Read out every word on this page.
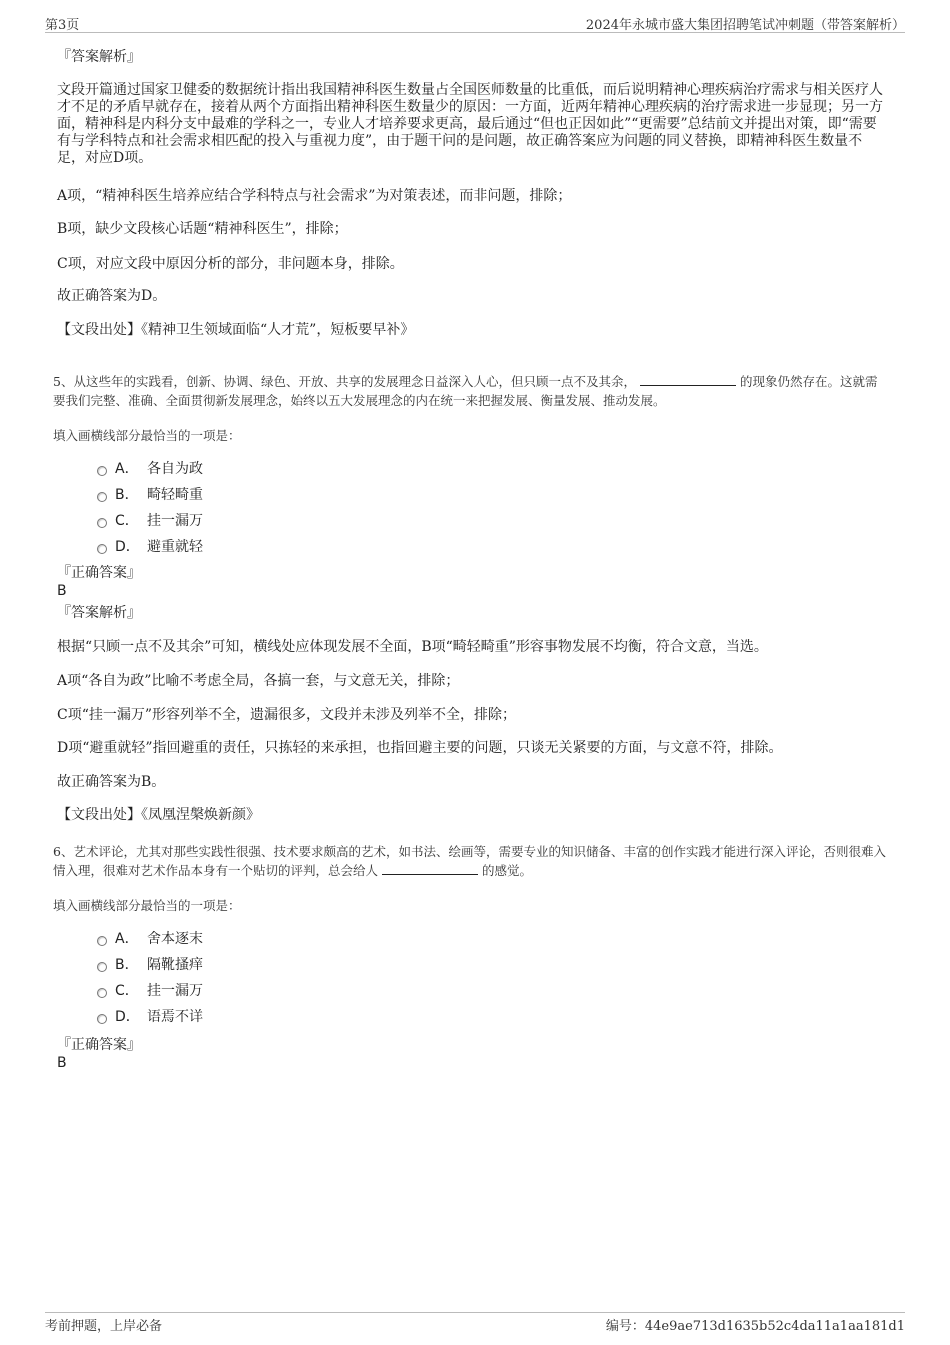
第3页	2024年永城市盛大集团招聘笔试冲刺题（带答案解析）

『答案解析』

文段开篇通过国家卫健委的数据统计指出我国精神科医生数量占全国医师数量的比重低，而后说明精神心理疾病治疗需求与相关医疗人才不足的矛盾早就存在，接着从两个方面指出精神科医生数量少的原因：一方面，近两年精神心理疾病的治疗需求进一步显现；另一方面，精神科是内科分支中最难的学科之一，专业人才培养要求更高，最后通过“但也正因如此”“更需要”总结前文并提出对策，即“需要有与学科特点和社会需求相匹配的投入与重视力度”，由于题干问的是问题，故正确答案应为问题的同义替换，即精神科医生数量不足，对应D项。

A项，“精神科医生培养应结合学科特点与社会需求”为对策表述，而非问题，排除；

B项，缺少文段核心话题“精神科医生”，排除；

C项，对应文段中原因分析的部分，非问题本身，排除。

故正确答案为D。

【文段出处】《精神卫生领域面临“人才荒”，短板要早补》

5、从这些年的实践看，创新、协调、绿色、开放、共享的发展理念日益深入人心，但只顾一点不及其余，	的现象仍然存在。这就需要我们完整、准确、全面贯彻新发展理念，始终以五大发展理念的内在统一来把握发展、衡量发展、推动发展。

填入画横线部分最恰当的一项是：

A． 各自为政
B． 畸轻畸重
C． 挂一漏万
D． 避重就轻

『正确答案』

B

『答案解析』

根据“只顾一点不及其余”可知，横线处应体现发展不全面，B项“畸轻畸重”形容事物发展不均衡，符合文意，当选。

A项“各自为政”比喻不考虑全局，各搞一套，与文意无关，排除；

C项“挂一漏万”形容列举不全，遗漏很多，文段并未涉及列举不全，排除；

D项“避重就轻”指回避重的责任，只拣轻的来承担，也指回避主要的问题，只谈无关紧要的方面，与文意不符，排除。

故正确答案为B。

【文段出处】《凤凰涅槃焕新颜》

6、艺术评论，尤其对那些实践性很强、技术要求颇高的艺术，如书法、绘画等，需要专业的知识储备、丰富的创作实践才能进行深入评论，否则很难入情入理，很难对艺术作品本身有一个贴切的评判，总会给人	的感觉。

填入画横线部分最恰当的一项是：

A． 舍本逐末
B． 隔靴搔痒
C． 挂一漏万
D． 语焉不详

『正确答案』

B

考前押题，上岸必备	编号：44e9ae713d1635b52c4da11a1aa181d1
